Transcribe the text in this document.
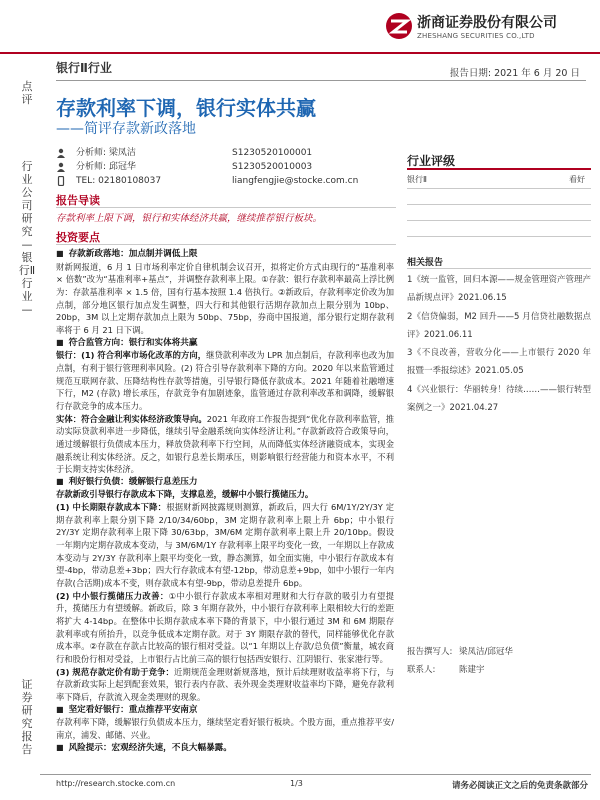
浙商证券股份有限公司
ZHESHANG SECURITIES CO.,LTD
银行Ⅱ行业	报告日期: 2021 年 6 月 20 日
点评
行业公司研究—银行Ⅱ行业—
证券研究报告
存款利率下调，银行实体共赢
——简评存款新政落地
分析师: 梁凤洁	S1230520100001
分析师: 邱冠华	S1230520010003
TEL: 02180108037	liangfengjie@stocke.com.cn
报告导读
存款利率上限下调，银行和实体经济共赢，继续推荐银行板块。
投资要点

■ 存款新政落地：加点制并调低上限

财新网报道，6 月 1 日市场利率定价自律机制会议召开，拟将定价方式由现行的“基准利率 × 倍数”改为“基准利率+基点”，并调整存款利率上限。①存款：银行存款利率最高上浮比例为：存款基准利率 × 1.5 倍，国有行基本按照 1.4 倍执行。②新政后，存款利率定价改为加点制，部分地区银行加点发生调整，四大行和其他银行活期存款加点上限分别为 10bp、20bp，3M 以上定期存款加点上限为 50bp、75bp，券商中国报道，部分银行定期存款利率将于 6 月 21 日下调。

■ 符合监管方向：银行和实体将共赢

银行：(1) 符合利率市场化改革的方向，继贷款利率改为 LPR 加点制后，存款利率也改为加点制，有利于银行管理利率风险。(2) 符合引导存款利率下降的方向。2020 年以来监管通过规范互联网存款、压降结构性存款等措施，引导银行降低存款成本。2021 年随着社融增速下行，M2 (存款) 增长承压，存款竞争有加剧迹象，监管通过存款利率改革和调降，缓解银行存款竞争的成本压力。

实体：符合金融让利实体经济政策导向。2021 年政府工作报告提到“优化存款利率监管，推动实际贷款利率进一步降低，继续引导金融系统向实体经济让利。”存款新政符合政策导向，通过缓解银行负债成本压力，释放贷款利率下行空间，从而降低实体经济融资成本，实现金融系统让利实体经济。反之，如银行息差长期承压，则影响银行经营能力和资本水平，不利于长期支持实体经济。

■ 利好银行负债：缓解银行息差压力

存款新政引导银行存款成本下降，支撑息差，缓解中小银行揽储压力。

(1) 中长期限存款成本下降：根据财新网披露规则测算，新政后，四大行 6M/1Y/2Y/3Y 定期存款利率上限分别下降 2/10/34/60bp，3M 定期存款利率上限上升 6bp；中小银行 2Y/3Y 定期存款利率上限下降 30/63bp，3M/6M 定期存款利率上限上升 20/10bp。假设一年期内定期存款成本变动，与 3M/6M/1Y 存款利率上限平均变化一致，一年期以上存款成本变动与 2Y/3Y 存款利率上限平均变化一致，静态测算，如全面实施，中小银行存款成本有望-4bp，带动息差+3bp；四大行存款成本有望-12bp，带动息差+9bp，如中小银行一年内存款(合活期)成本不变，则存款成本有望-9bp，带动息差提升 6bp。

(2) 中小银行揽储压力改善：①中小银行存款成本率相对理财和大行存款的吸引力有望提升，揽储压力有望缓解。新政后，除 3 年期存款外，中小银行存款利率上限相较大行的差距将扩大 4-14bp。在整体中长期存款成本率下降的背景下，中小银行通过 3M 和 6M 期限存款利率或有所抬升，以竞争低成本定期存款。对于 3Y 期限存款的替代，同样能够优化存款成本率。②存款在存款占比较高的银行相对受益。以“1 年期以上存款/总负债”衡量，城农商行和股份行相对受益，上市银行占比前三高的银行包括西安银行、江阴银行、张家港行等。

(3) 规范存款定价有助于竞争：近期规范金理财新规落地，预计后续理财收益率将下行，与存款新政实际上起到配套效果，银行表内存款、表外现金类理财收益率均下降，避免存款利率下降后，存款流入现金类理财的现象。

■ 坚定看好银行：重点推荐平安南京

存款利率下降，缓解银行负债成本压力，继续坚定看好银行板块。个股方面，重点推荐平安/南京，浦发、邮储、兴业。

■ 风险提示：宏观经济失速，不良大幅暴露。

行业评级
银行Ⅱ	看好
相关报告

1《统一监管，回归本源——规金管理资产管理产品新规点评》2021.06.15

2《信贷偏弱，M2 回升——5 月信贷社融数据点评》2021.06.11

3《不良改善，营收分化——上市银行 2020 年报暨一季报综述》2021.05.05

4《兴业银行：华丽转身！待续……——银行转型案例之一》2021.04.27

报告撰写人: 梁凤洁/邱冠华
联系人:	陈建宇
http://research.stocke.com.cn	1/3	请务必阅读正文之后的免责条款部分
